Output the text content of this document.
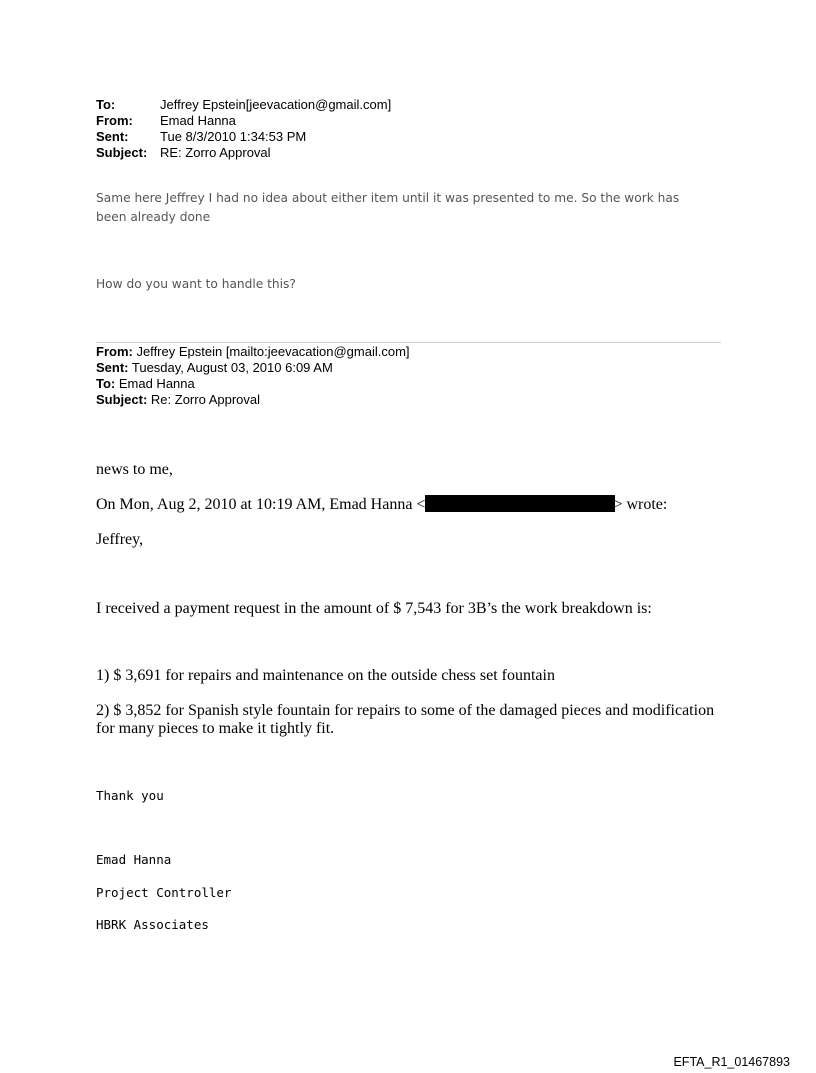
To:	Jeffrey Epstein[jeevacation@gmail.com]
From:	Emad Hanna
Sent:	Tue 8/3/2010 1:34:53 PM
Subject: RE: Zorro Approval
Same here Jeffrey I had no idea about either item until it was presented to me. So the work has been already done
How do you want to handle this?
From: Jeffrey Epstein [mailto:jeevacation@gmail.com]
Sent: Tuesday, August 03, 2010 6:09 AM
To: Emad Hanna
Subject: Re: Zorro Approval
news to me,
On Mon, Aug 2, 2010 at 10:19 AM, Emad Hanna <	> wrote:
Jeffrey,
I received a payment request in the amount of $ 7,543 for 3B’s the work breakdown is:
1) $ 3,691 for repairs and maintenance on the outside chess set fountain
2) $ 3,852 for Spanish style fountain for repairs to some of the damaged pieces and modification for many pieces to make it tightly fit.
Thank you
Emad Hanna
Project Controller
HBRK Associates
EFTA_R1_01467893
